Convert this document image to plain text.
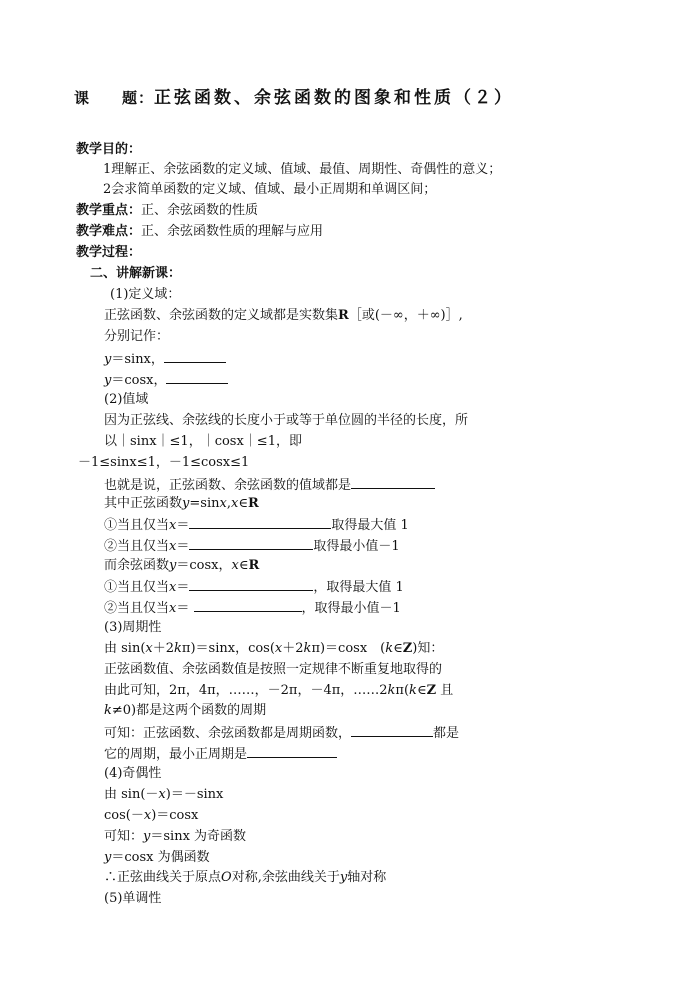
课　　题：正弦函数、余弦函数的图象和性质（２）
教学目的：
1理解正、余弦函数的定义域、值域、最值、周期性、奇偶性的意义；
2会求简单函数的定义域、值域、最小正周期和单调区间；
教学重点：正、余弦函数的性质
教学难点：正、余弦函数性质的理解与应用
教学过程：
二、讲解新课：
(1)定义域：
正弦函数、余弦函数的定义域都是实数集R［或(－∞，＋∞)］,
分别记作：
y＝sinx，
y＝cosx，
(2)值域
因为正弦线、余弦线的长度小于或等于单位圆的半径的长度，所
以｜sinx｜≤1，｜cosx｜≤1，即
－1≤sinx≤1，－1≤cosx≤1
也就是说，正弦函数、余弦函数的值域都是
其中正弦函数y=sinx,x∈R
①当且仅当x＝	取得最大值 1
②当且仅当x＝	取得最小值－1
而余弦函数y＝cosx，x∈R
①当且仅当x＝	，取得最大值 1
②当且仅当x＝	，取得最小值－1
(3)周期性
由 sin(x＋2kπ)＝sinx，cos(x＋2kπ)＝cosx　(k∈Z)知：
正弦函数值、余弦函数值是按照一定规律不断重复地取得的
由此可知，2π，4π，……，－2π，－4π，……2kπ(k∈Z 且
k≠0)都是这两个函数的周期
可知：正弦函数、余弦函数都是周期函数，	都是
它的周期，最小正周期是
(4)奇偶性
由 sin(－x)＝－sinx
cos(－x)＝cosx
可知：y＝sinx 为奇函数
y＝cosx 为偶函数
∴正弦曲线关于原点O对称,余弦曲线关于y轴对称
(5)单调性
